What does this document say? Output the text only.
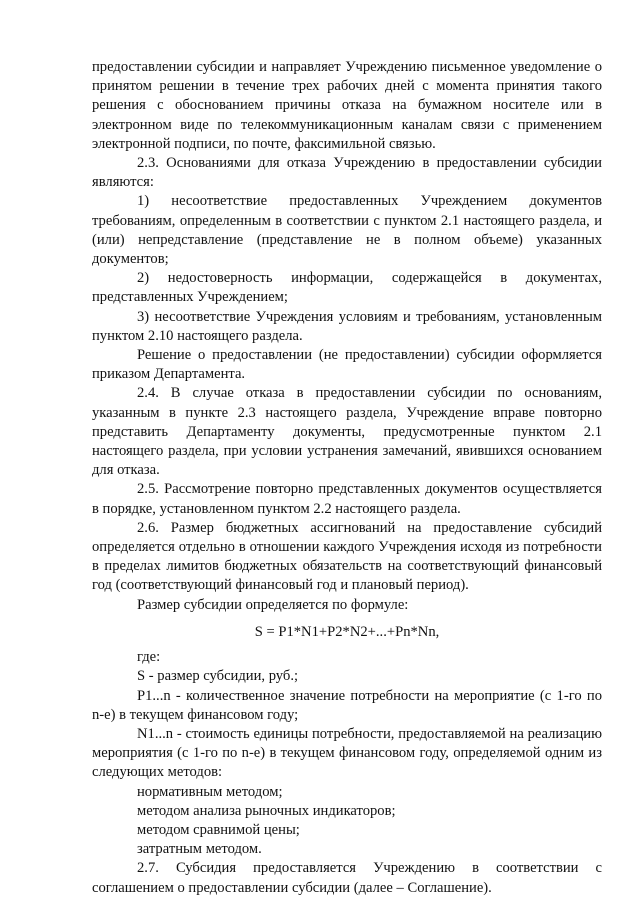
предоставлении субсидии и направляет Учреждению письменное уведомление о принятом решении в течение трех рабочих дней с момента принятия такого решения с обоснованием причины отказа на бумажном носителе или в электронном виде по телекоммуникационным каналам связи с применением электронной подписи, по почте, факсимильной связью.

2.3. Основаниями для отказа Учреждению в предоставлении субсидии являются:

1) несоответствие предоставленных Учреждением документов требованиям, определенным в соответствии с пунктом 2.1 настоящего раздела, и (или) непредставление (представление не в полном объеме) указанных документов;

2) недостоверность информации, содержащейся в документах, представленных Учреждением;

3) несоответствие Учреждения условиям и требованиям, установленным пунктом 2.10 настоящего раздела.

Решение о предоставлении (не предоставлении) субсидии оформляется приказом Департамента.

2.4. В случае отказа в предоставлении субсидии по основаниям, указанным в пункте 2.3 настоящего раздела, Учреждение вправе повторно представить Департаменту документы, предусмотренные пунктом 2.1 настоящего раздела, при условии устранения замечаний, явившихся основанием для отказа.

2.5. Рассмотрение повторно представленных документов осуществляется в порядке, установленном пунктом 2.2 настоящего раздела.

2.6. Размер бюджетных ассигнований на предоставление субсидий определяется отдельно в отношении каждого Учреждения исходя из потребности в пределах лимитов бюджетных обязательств на соответствующий финансовый год (соответствующий финансовый год и плановый период).

Размер субсидии определяется по формуле:

S = P1*N1+P2*N2+...+Pn*Nn,

где:

S - размер субсидии, руб.;

P1...n - количественное значение потребности на мероприятие (с 1-го по n-е) в текущем финансовом году;

N1...n - стоимость единицы потребности, предоставляемой на реализацию мероприятия (с 1-го по n-е) в текущем финансовом году, определяемой одним из следующих методов:

нормативным методом;

методом анализа рыночных индикаторов;

методом сравнимой цены;

затратным методом.

2.7. Субсидия предоставляется Учреждению в соответствии с соглашением о предоставлении субсидии (далее – Соглашение).
